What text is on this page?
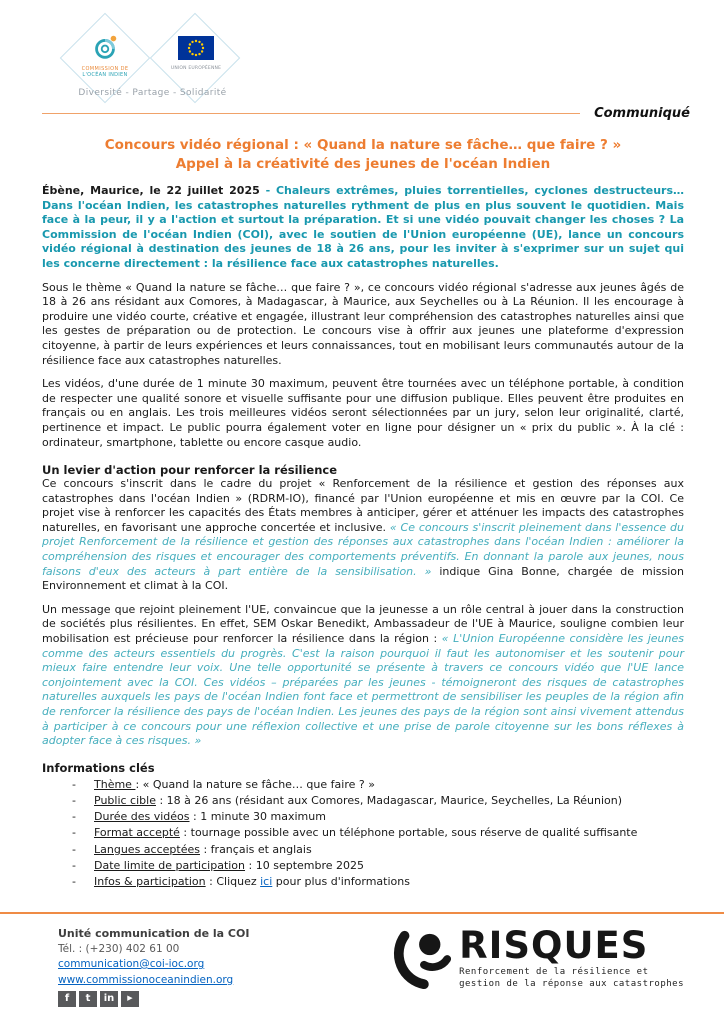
COMMISSION DE
L'OCÉAN INDIEN
UNION EUROPÉENNE
Diversité - Partage - Solidarité
Communiqué
Concours vidéo régional : « Quand la nature se fâche… que faire ? »
Appel à la créativité des jeunes de l'océan Indien

Ébène, Maurice, le 22 juillet 2025 - Chaleurs extrêmes, pluies torrentielles, cyclones destructeurs… Dans l'océan Indien, les catastrophes naturelles rythment de plus en plus souvent le quotidien. Mais face à la peur, il y a l'action et surtout la préparation. Et si une vidéo pouvait changer les choses ? La Commission de l'océan Indien (COI), avec le soutien de l'Union européenne (UE), lance un concours vidéo régional à destination des jeunes de 18 à 26 ans, pour les inviter à s'exprimer sur un sujet qui les concerne directement : la résilience face aux catastrophes naturelles.

Sous le thème « Quand la nature se fâche… que faire ? », ce concours vidéo régional s'adresse aux jeunes âgés de 18 à 26 ans résidant aux Comores, à Madagascar, à Maurice, aux Seychelles ou à La Réunion. Il les encourage à produire une vidéo courte, créative et engagée, illustrant leur compréhension des catastrophes naturelles ainsi que les gestes de préparation ou de protection. Le concours vise à offrir aux jeunes une plateforme d'expression citoyenne, à partir de leurs expériences et leurs connaissances, tout en mobilisant leurs communautés autour de la résilience face aux catastrophes naturelles.

Les vidéos, d'une durée de 1 minute 30 maximum, peuvent être tournées avec un téléphone portable, à condition de respecter une qualité sonore et visuelle suffisante pour une diffusion publique. Elles peuvent être produites en français ou en anglais. Les trois meilleures vidéos seront sélectionnées par un jury, selon leur originalité, clarté, pertinence et impact. Le public pourra également voter en ligne pour désigner un « prix du public ». À la clé : ordinateur, smartphone, tablette ou encore casque audio.

Un levier d'action pour renforcer la résilience

Ce concours s'inscrit dans le cadre du projet « Renforcement de la résilience et gestion des réponses aux catastrophes dans l'océan Indien » (RDRM-IO), financé par l'Union européenne et mis en œuvre par la COI. Ce projet vise à renforcer les capacités des États membres à anticiper, gérer et atténuer les impacts des catastrophes naturelles, en favorisant une approche concertée et inclusive. « Ce concours s'inscrit pleinement dans l'essence du projet Renforcement de la résilience et gestion des réponses aux catastrophes dans l'océan Indien : améliorer la compréhension des risques et encourager des comportements préventifs. En donnant la parole aux jeunes, nous faisons d'eux des acteurs à part entière de la sensibilisation. » indique Gina Bonne, chargée de mission Environnement et climat à la COI.

Un message que rejoint pleinement l'UE, convaincue que la jeunesse a un rôle central à jouer dans la construction de sociétés plus résilientes. En effet, SEM Oskar Benedikt, Ambassadeur de l'UE à Maurice, souligne combien leur mobilisation est précieuse pour renforcer la résilience dans la région : « L'Union Européenne considère les jeunes comme des acteurs essentiels du progrès. C'est la raison pourquoi il faut les autonomiser et les soutenir pour mieux faire entendre leur voix. Une telle opportunité se présente à travers ce concours vidéo que l'UE lance conjointement avec la COI. Ces vidéos – préparées par les jeunes - témoigneront des risques de catastrophes naturelles auxquels les pays de l'océan Indien font face et permettront de sensibiliser les peuples de la région afin de renforcer la résilience des pays de l'océan Indien. Les jeunes des pays de la région sont ainsi vivement attendus à participer à ce concours pour une réflexion collective et une prise de parole citoyenne sur les bons réflexes à adopter face à ces risques. »

Informations clés
-	Thème : « Quand la nature se fâche… que faire ? »
-	Public cible : 18 à 26 ans (résidant aux Comores, Madagascar, Maurice, Seychelles, La Réunion)
-	Durée des vidéos : 1 minute 30 maximum
-	Format accepté : tournage possible avec un téléphone portable, sous réserve de qualité suffisante
-	Langues acceptées : français et anglais
-	Date limite de participation : 10 septembre 2025
-	Infos & participation : Cliquez ici pour plus d'informations
Unité communication de la COI
Tél. : (+230) 402 61 00
communication@coi-ioc.org
www.commissionoceanindien.org
f	t	in	▶
RISQUES
Renforcement de la résilience et
gestion de la réponse aux catastrophes
